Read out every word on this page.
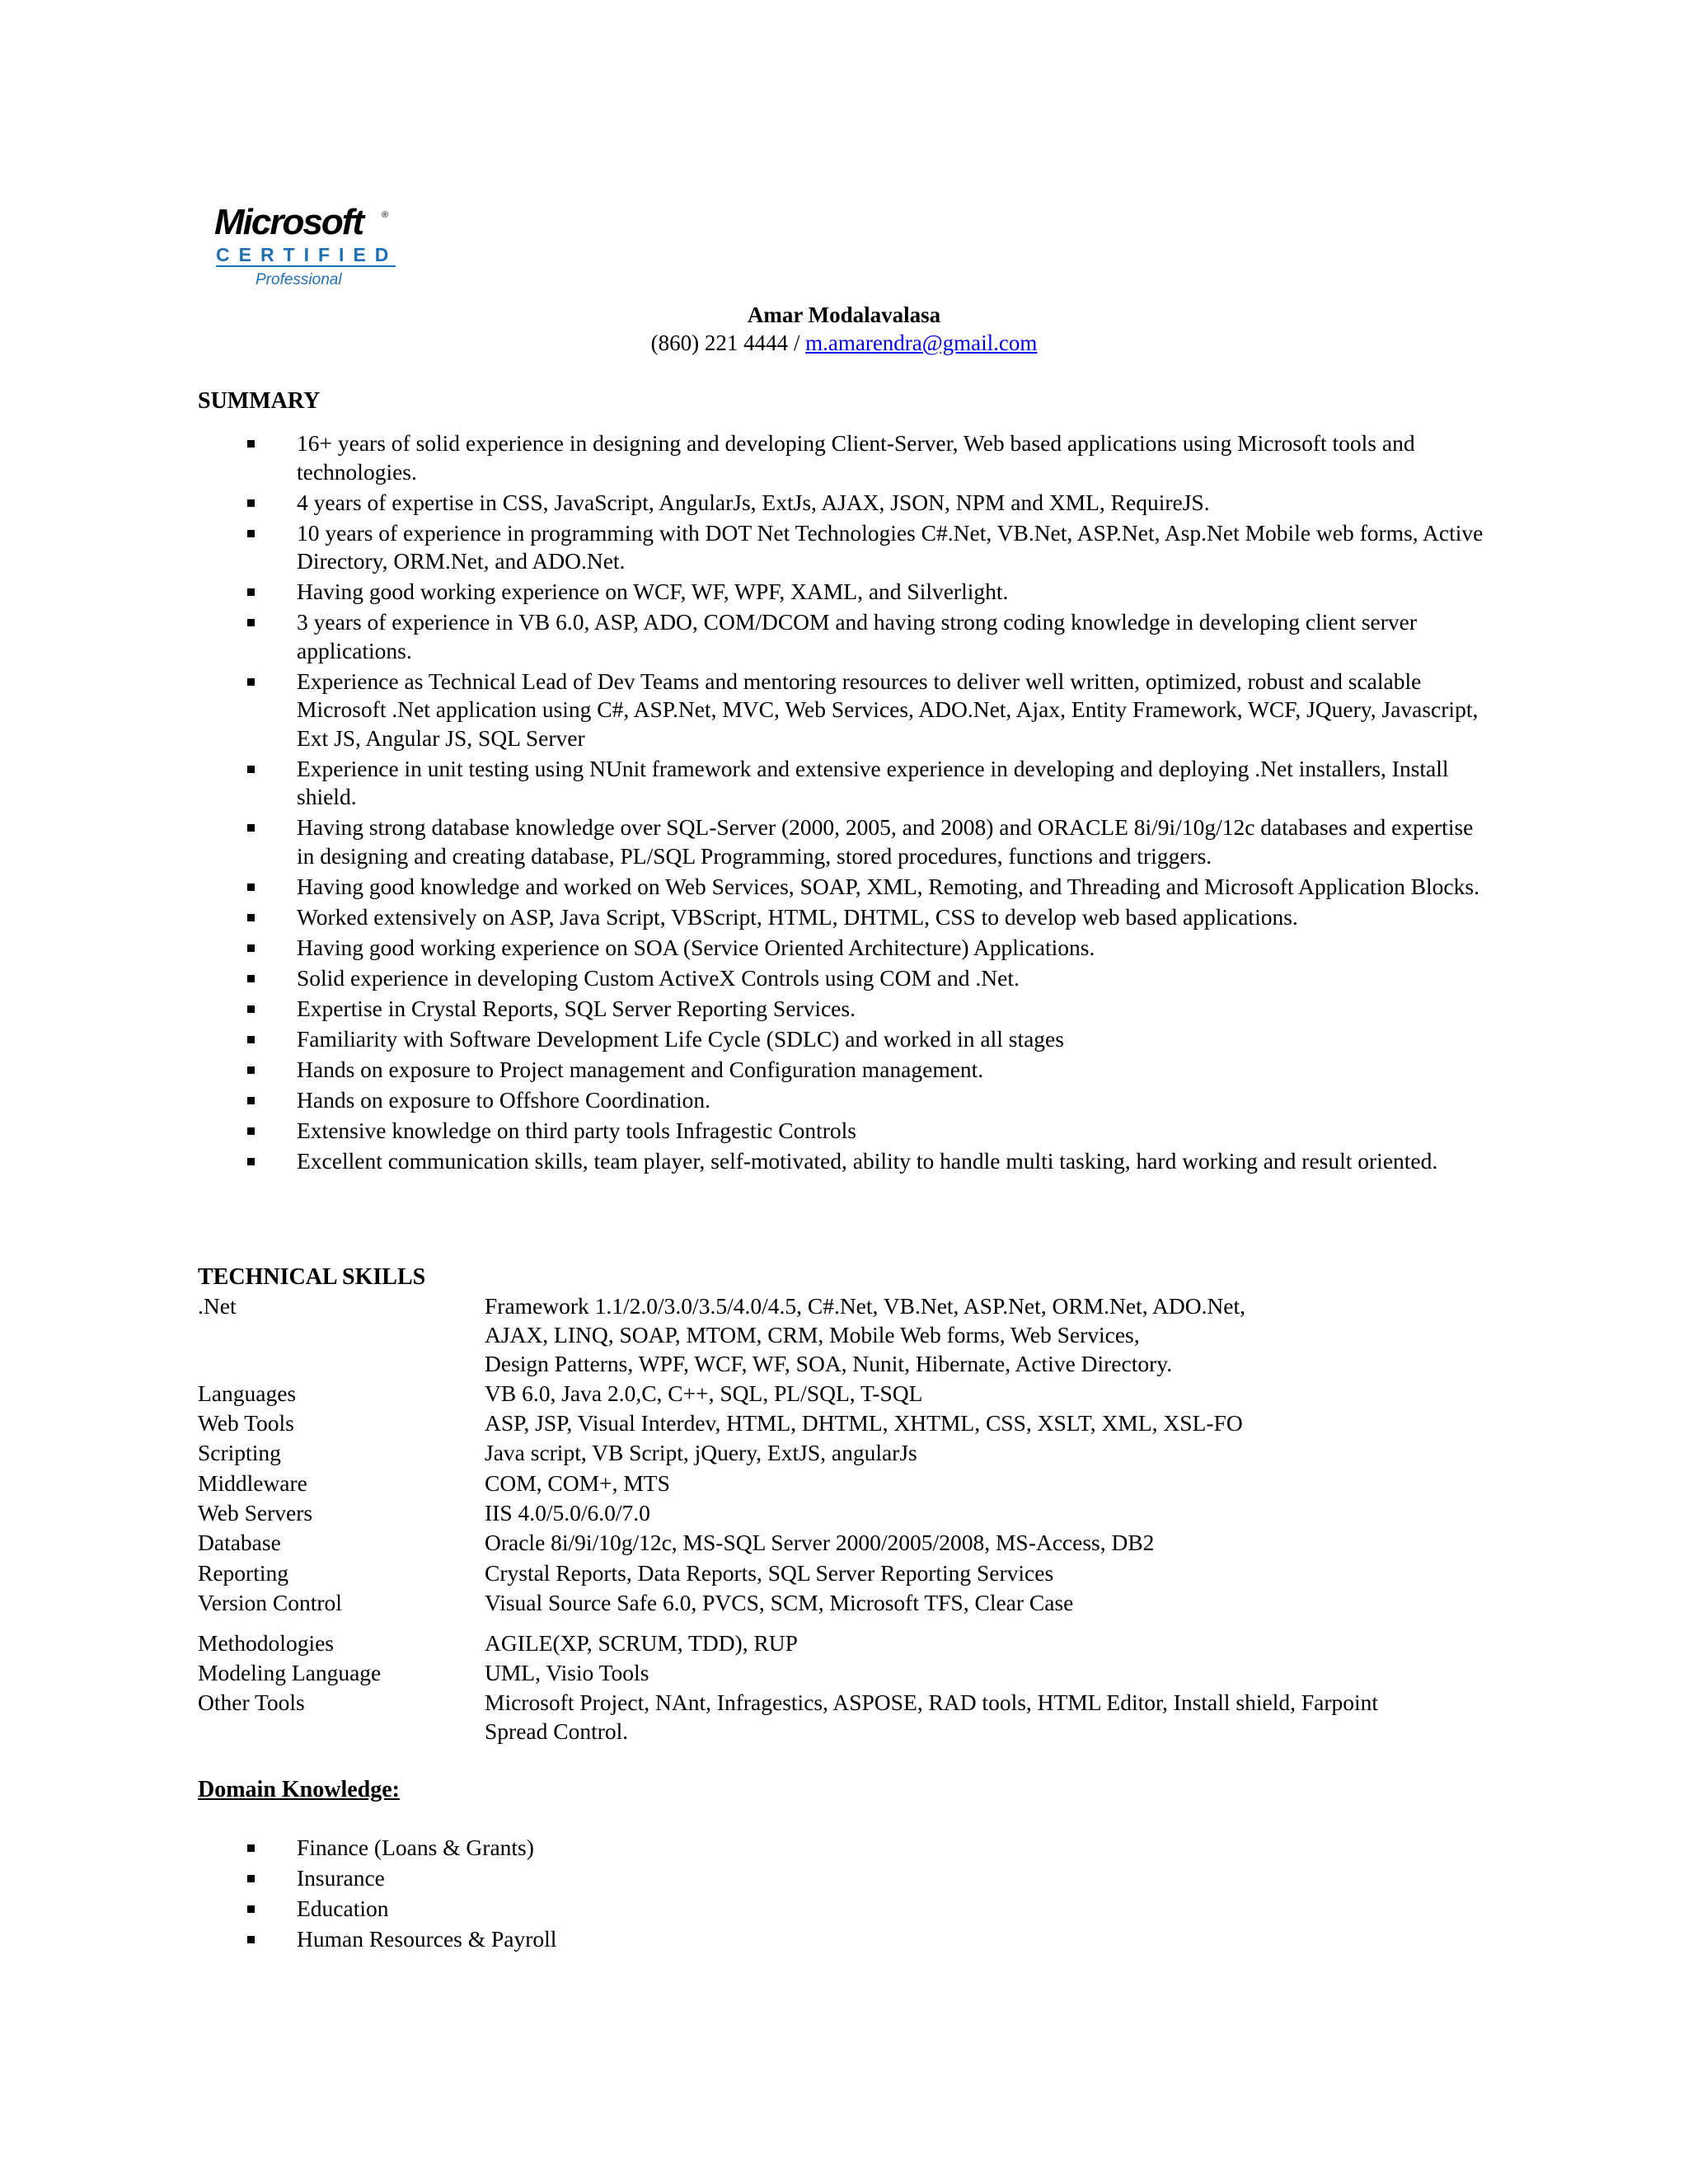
Microsoft	®
CERTIFIED
Professional
Amar Modalavalasa
(860) 221 4444 / m.amarendra@gmail.com
SUMMARY
16+ years of solid experience in designing and developing Client-Server, Web based applications using Microsoft tools and technologies.
4 years of expertise in CSS, JavaScript, AngularJs, ExtJs, AJAX, JSON, NPM and XML, RequireJS.
10 years of experience in programming with DOT Net Technologies C#.Net, VB.Net, ASP.Net, Asp.Net Mobile web forms, Active Directory, ORM.Net, and ADO.Net.
Having good working experience on WCF, WF, WPF, XAML, and Silverlight.
3 years of experience in VB 6.0, ASP, ADO, COM/DCOM and having strong coding knowledge in developing client server applications.
Experience as Technical Lead of Dev Teams and mentoring resources to deliver well written, optimized, robust and scalable Microsoft .Net application using C#, ASP.Net, MVC, Web Services, ADO.Net, Ajax, Entity Framework, WCF, JQuery, Javascript, Ext JS, Angular JS, SQL Server
Experience in unit testing using NUnit framework and extensive experience in developing and deploying .Net installers, Install shield.
Having strong database knowledge over SQL-Server (2000, 2005, and 2008) and ORACLE 8i/9i/10g/12c databases and expertise in designing and creating database, PL/SQL Programming, stored procedures, functions and triggers.
Having good knowledge and worked on Web Services, SOAP, XML, Remoting, and Threading and Microsoft Application Blocks.
Worked extensively on ASP, Java Script, VBScript, HTML, DHTML, CSS to develop web based applications.
Having good working experience on SOA (Service Oriented Architecture) Applications.
Solid experience in developing Custom ActiveX Controls using COM and .Net.
Expertise in Crystal Reports, SQL Server Reporting Services.
Familiarity with Software Development Life Cycle (SDLC) and worked in all stages
Hands on exposure to Project management and Configuration management.
Hands on exposure to Offshore Coordination.
Extensive knowledge on third party tools Infragestic Controls
Excellent communication skills, team player, self-motivated, ability to handle multi tasking, hard working and result oriented.
TECHNICAL SKILLS
.Net	Framework 1.1/2.0/3.0/3.5/4.0/4.5, C#.Net, VB.Net, ASP.Net, ORM.Net, ADO.Net,
AJAX, LINQ, SOAP, MTOM, CRM, Mobile Web forms, Web Services,
Design Patterns, WPF, WCF, WF, SOA, Nunit, Hibernate, Active Directory.
Languages	VB 6.0, Java 2.0,C, C++, SQL, PL/SQL, T-SQL
Web Tools	ASP, JSP, Visual Interdev, HTML, DHTML, XHTML, CSS, XSLT, XML, XSL-FO
Scripting	Java script, VB Script, jQuery, ExtJS, angularJs
Middleware	COM, COM+, MTS
Web Servers	IIS 4.0/5.0/6.0/7.0
Database	Oracle 8i/9i/10g/12c, MS-SQL Server 2000/2005/2008, MS-Access, DB2
Reporting	Crystal Reports, Data Reports, SQL Server Reporting Services
Version Control	Visual Source Safe 6.0, PVCS, SCM, Microsoft TFS, Clear Case
Methodologies	AGILE(XP, SCRUM, TDD), RUP
Modeling Language	UML, Visio Tools
Other Tools	Microsoft Project, NAnt, Infragestics, ASPOSE, RAD tools, HTML Editor, Install shield, Farpoint
Spread Control.
Domain Knowledge:
Finance (Loans & Grants)
Insurance
Education
Human Resources & Payroll
